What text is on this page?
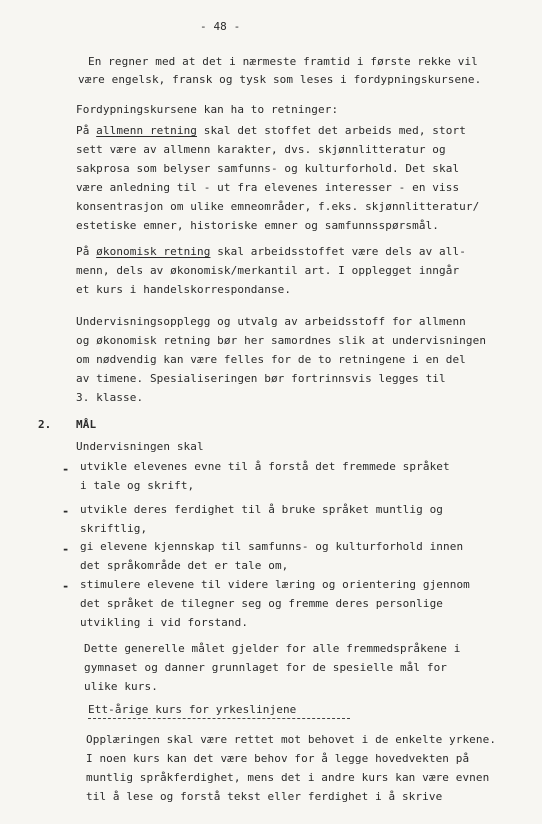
- 48 -
En regner med at det i nærmeste framtid i første rekke vil
være engelsk, fransk og tysk som leses i fordypningskursene.
Fordypningskursene kan ha to retninger:
På allmenn retning skal det stoffet det arbeids med, stort
sett være av allmenn karakter, dvs. skjønnlitteratur og
sakprosa som belyser samfunns- og kulturforhold. Det skal
være anledning til - ut fra elevenes interesser - en viss
konsentrasjon om ulike emneområder, f.eks. skjønnlitteratur/
estetiske emner, historiske emner og samfunnsspørsmål.
På økonomisk retning skal arbeidsstoffet være dels av all-
menn, dels av økonomisk/merkantil art. I opplegget inngår
et kurs i handelskorrespondanse.
Undervisningsopplegg og utvalg av arbeidsstoff for allmenn
og økonomisk retning bør her samordnes slik at undervisningen
om nødvendig kan være felles for de to retningene i en del
av timene. Spesialiseringen bør fortrinnsvis legges til
3. klasse.
2. MÅL
Undervisningen skal
- utvikle elevenes evne til å forstå det fremmede språket
i tale og skrift,
- utvikle deres ferdighet til å bruke språket muntlig og
skriftlig,
- gi elevene kjennskap til samfunns- og kulturforhold innen
det språkområde det er tale om,
- stimulere elevene til videre læring og orientering gjennom
det språket de tilegner seg og fremme deres personlige
utvikling i vid forstand.
Dette generelle målet gjelder for alle fremmedspråkene i
gymnaset og danner grunnlaget for de spesielle mål for
ulike kurs.
Ett-årige kurs for yrkeslinjene
Opplæringen skal være rettet mot behovet i de enkelte yrkene.
I noen kurs kan det være behov for å legge hovedvekten på
muntlig språkferdighet, mens det i andre kurs kan være evnen
til å lese og forstå tekst eller ferdighet i å skrive
